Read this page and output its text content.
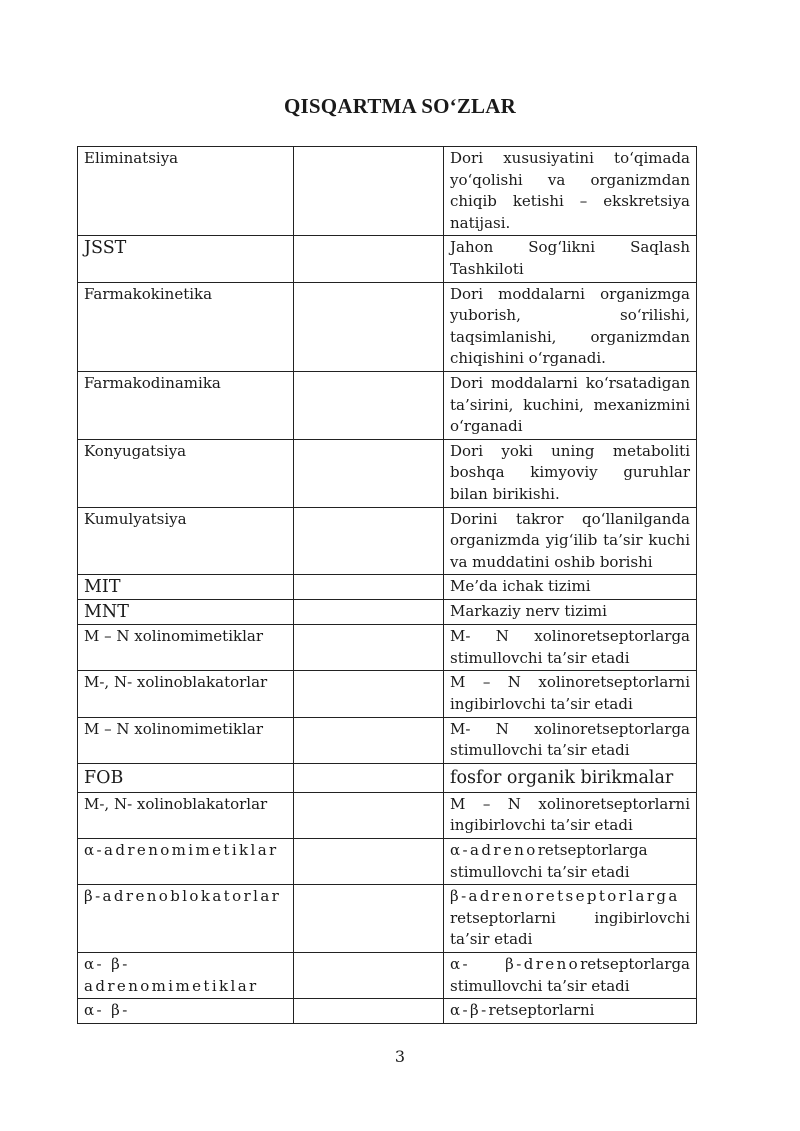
QISQARTMA SO‘ZLAR
Eliminatsiya		Dori xususiyatini to‘qimada yo‘qolishi va organizmdan chiqib ketishi – ekskretsiya natijasi.
JSST		Jahon Sog‘likni Saqlash Tashkiloti
Farmakokinetika		Dori moddalarni organizmga yuborish, so‘rilishi, taqsimlanishi, organizmdan chiqishini o‘rganadi.
Farmakodinamika		Dori moddalarni ko‘rsatadigan ta’sirini, kuchini, mexanizmini o‘rganadi
Konyugatsiya		Dori yoki uning metaboliti boshqa kimyoviy guruhlar bilan birikishi.
Kumulyatsiya		Dorini takror qo‘llanilganda organizmda yig‘ilib ta’sir kuchi va muddatini oshib borishi
MIT		Me’da ichak tizimi
MNT		Markaziy nerv tizimi
M – N xolinomimetiklar		M- N xolinoretseptorlarga stimullovchi ta’sir etadi
M-, N- xolinoblakatorlar		M – N xolinoretseptorlarni ingibirlovchi ta’sir etadi
M – N xolinomimetiklar		M- N xolinoretseptorlarga stimullovchi ta’sir etadi
FOB		fosfor organik birikmalar
M-, N- xolinoblakatorlar		M – N xolinoretseptorlarni ingibirlovchi ta’sir etadi
α-adrenomimetiklar		α-adrenoretseptorlarga stimullovchi ta’sir etadi
β-adrenoblokatorlar		β-adrenoretseptorlarga retseptorlarni ingibirlovchi ta’sir etadi
α- β- adrenomimetiklar		α- β-drenoretseptorlarga stimullovchi ta’sir etadi
α- β-		α-β-retseptorlarni
3
